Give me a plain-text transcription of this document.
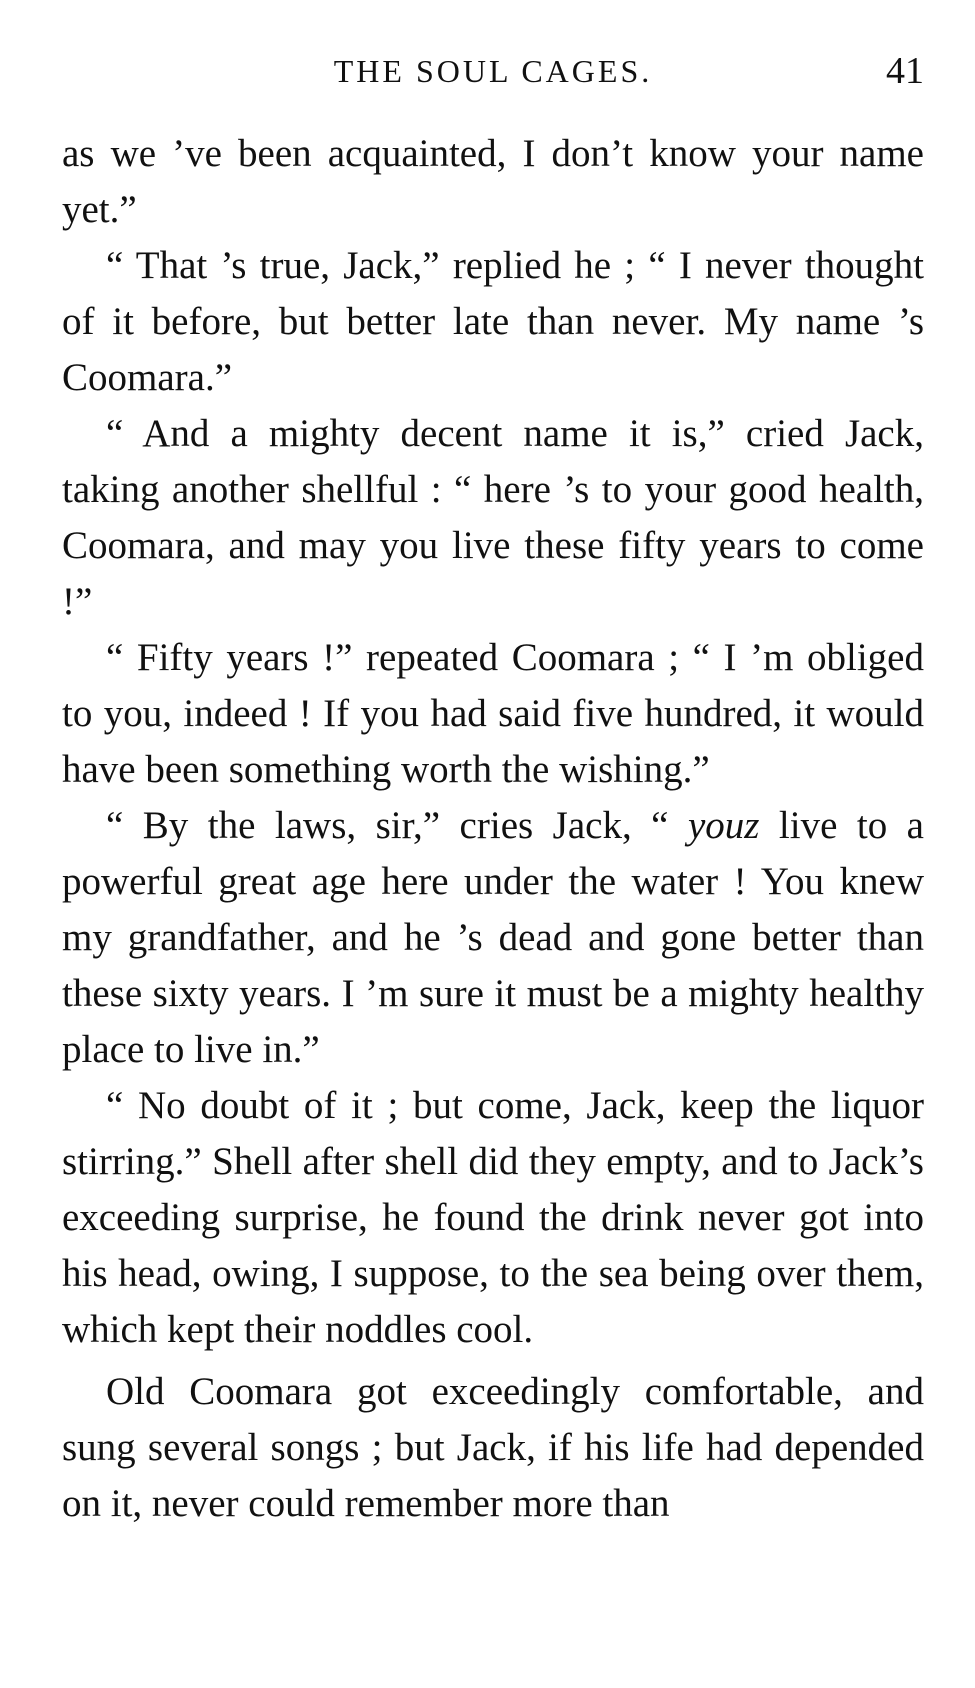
THE SOUL CAGES.	41

as we ’ve been acquainted, I don’t know your name yet.”

“ That ’s true, Jack,” replied he ; “ I never thought of it before, but better late than never. My name ’s Coomara.”

“ And a mighty decent name it is,” cried Jack, taking another shellful : “ here ’s to your good health, Coomara, and may you live these fifty years to come !”

“ Fifty years !” repeated Coomara ; “ I ’m obliged to you, indeed ! If you had said five hundred, it would have been something worth the wishing.”

“ By the laws, sir,” cries Jack, “ youz live to a powerful great age here under the water ! You knew my grandfather, and he ’s dead and gone better than these sixty years. I ’m sure it must be a mighty healthy place to live in.”

“ No doubt of it ; but come, Jack, keep the liquor stirring.” Shell after shell did they empty, and to Jack’s exceeding surprise, he found the drink never got into his head, owing, I suppose, to the sea being over them, which kept their noddles cool.

Old Coomara got exceedingly comfortable, and sung several songs ; but Jack, if his life had depended on it, never could remember more than
